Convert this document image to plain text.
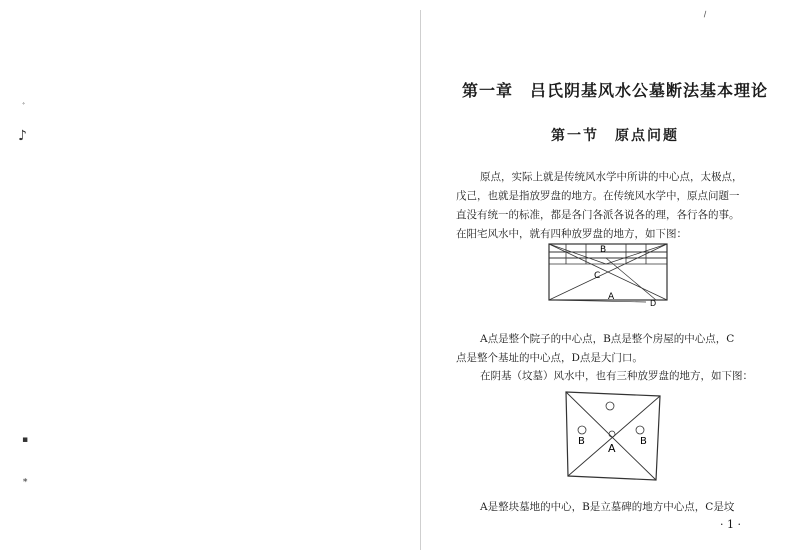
ﾞ
♪
▪
∗
⸝
第一章　吕氏阴基风水公墓断法基本理论
第一节　原点问题
原点，实际上就是传统风水学中所讲的中心点，太极点，
戊己，也就是指放罗盘的地方。在传统风水学中，原点问题一
直没有统一的标准，都是各门各派各说各的理，各行各的事。
在阳宅风水中，就有四种放罗盘的地方，如下图：
B
C
A
D
A点是整个院子的中心点，B点是整个房屋的中心点，C
点是整个基址的中心点，D点是大门口。
在阴基（坟墓）风水中，也有三种放罗盘的地方，如下图：
B	B
A
A是整块墓地的中心，B是立墓碑的地方中心点，C是坟
· 1 ·
